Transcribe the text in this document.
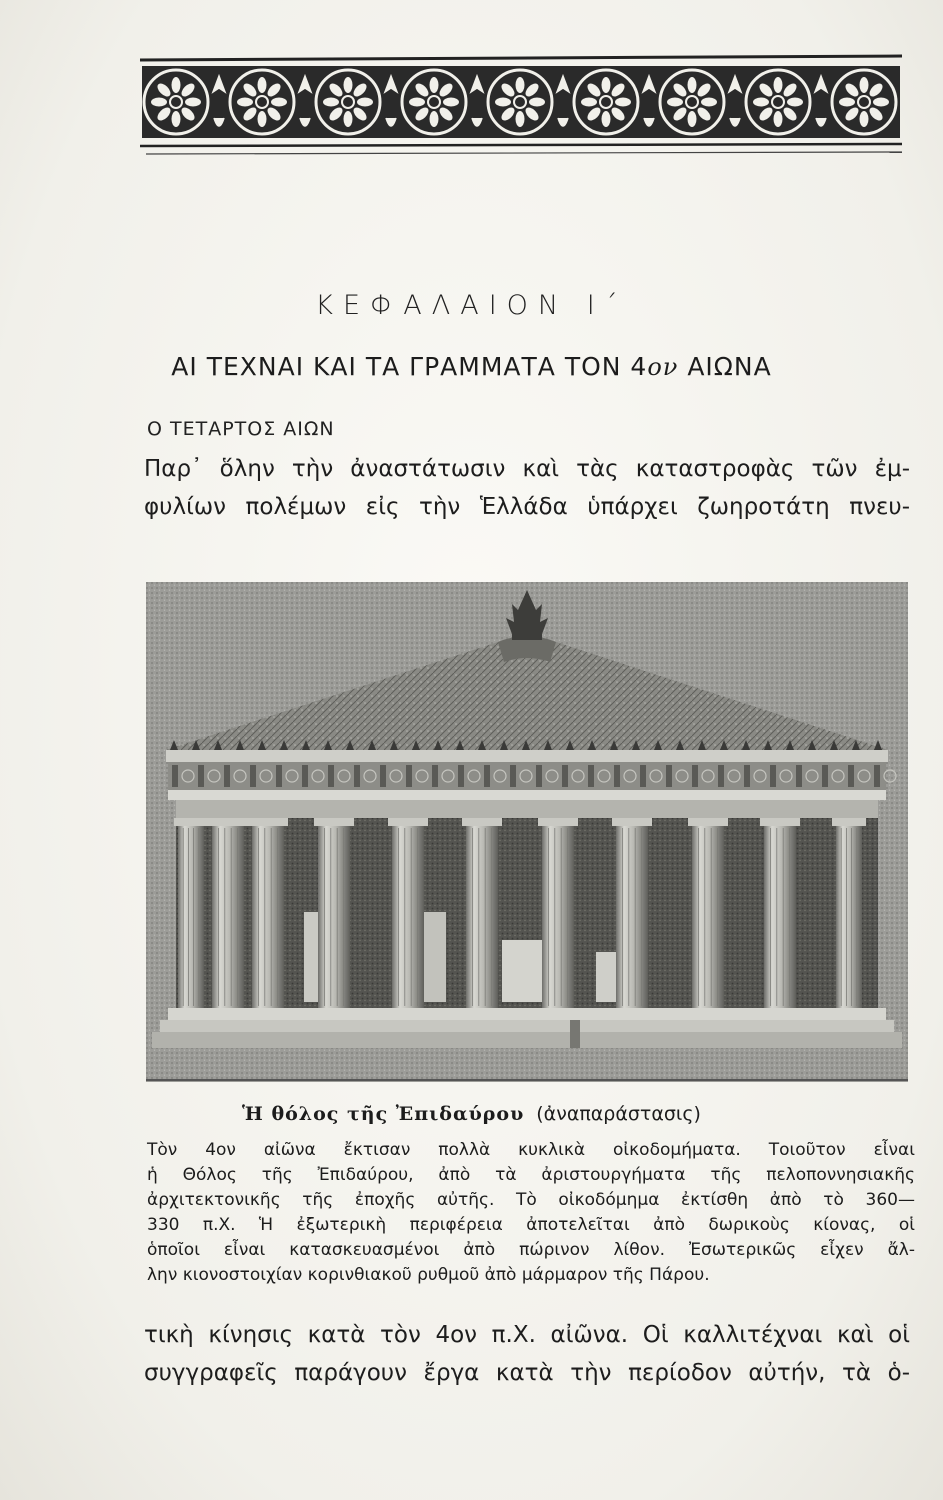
ΚΕΦΑΛΑΙΟΝ Ι΄
ΑΙ ΤΕΧΝΑΙ ΚΑΙ ΤΑ ΓΡΑΜΜΑΤΑ ΤΟΝ 4ον ΑΙΩΝΑ
Ο ΤΕΤΑΡΤΟΣ ΑΙΩΝ
Παρ᾽ ὅλην τὴν ἀναστάτωσιν καὶ τὰς καταστροφὰς τῶν ἐμ-
φυλίων πολέμων εἰς τὴν Ἑλλάδα ὑπάρχει ζωηροτάτη πνευ-
Ἡ θόλος τῆς Ἐπιδαύρου (ἀναπαράστασις)
Τὸν 4ον αἰῶνα ἔκτισαν πολλὰ κυκλικὰ οἰκοδομήματα. Τοιοῦτον εἶναι
ἡ Θόλος τῆς Ἐπιδαύρου, ἀπὸ τὰ ἀριστουργήματα τῆς πελοποννησιακῆς
ἀρχιτεκτονικῆς τῆς ἐποχῆς αὐτῆς. Τὸ οἰκοδόμημα ἐκτίσθη ἀπὸ τὸ 360—
330 π.Χ. Ἡ ἐξωτερικὴ περιφέρεια ἀποτελεῖται ἀπὸ δωρικοὺς κίονας, οἱ
ὁποῖοι εἶναι κατασκευασμένοι ἀπὸ πώρινον λίθον. Ἐσωτερικῶς εἶχεν ἄλ-
λην κιονοστοιχίαν κορινθιακοῦ ρυθμοῦ ἀπὸ μάρμαρον τῆς Πάρου.
τικὴ κίνησις κατὰ τὸν 4ον π.Χ. αἰῶνα. Οἱ καλλιτέχναι καὶ οἱ
συγγραφεῖς παράγουν ἔργα κατὰ τὴν περίοδον αὐτήν, τὰ ὁ-
